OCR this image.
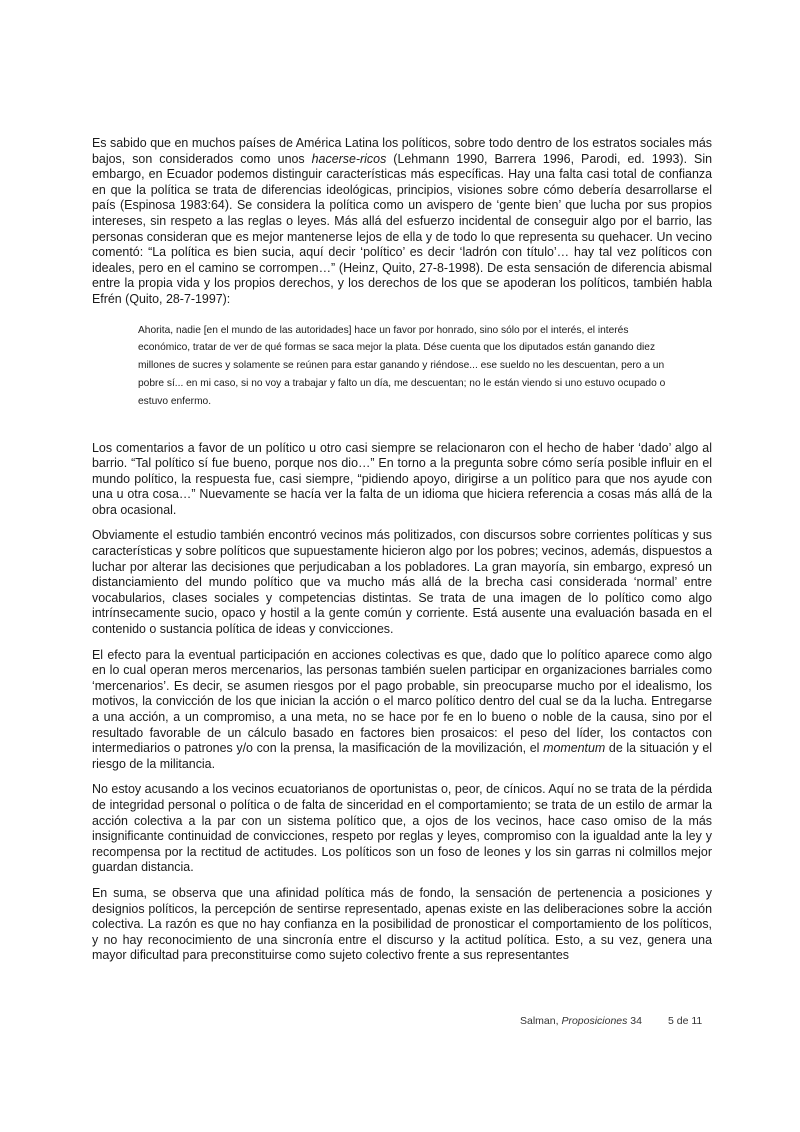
Es sabido que en muchos países de América Latina los políticos, sobre todo dentro de los estratos sociales más bajos, son considerados como unos hacerse-ricos (Lehmann 1990, Barrera 1996, Parodi, ed. 1993). Sin embargo, en Ecuador podemos distinguir características más específicas. Hay una falta casi total de confianza en que la política se trata de diferencias ideológicas, principios, visiones sobre cómo debería desarrollarse el país (Espinosa 1983:64). Se considera la política como un avispero de ‘gente bien’ que lucha por sus propios intereses, sin respeto a las reglas o leyes. Más allá del esfuerzo incidental de conseguir algo por el barrio, las personas consideran que es mejor mantenerse lejos de ella y de todo lo que representa su quehacer. Un vecino comentó: “La política es bien sucia, aquí decir ‘político’ es decir ‘ladrón con título’… hay tal vez políticos con ideales, pero en el camino se corrompen…” (Heinz, Quito, 27-8-1998). De esta sensación de diferencia abismal entre la propia vida y los propios derechos, y los derechos de los que se apoderan los políticos, también habla Efrén (Quito, 28-7-1997):

Ahorita, nadie [en el mundo de las autoridades] hace un favor por honrado, sino sólo por el interés, el interés económico, tratar de ver de qué formas se saca mejor la plata. Dése cuenta que los diputados están ganando diez millones de sucres y solamente se reúnen para estar ganando y riéndose... ese sueldo no les descuentan, pero a un pobre sí... en mi caso, si no voy a trabajar y falto un día, me descuentan; no le están viendo si uno estuvo ocupado o estuvo enfermo.

Los comentarios a favor de un político u otro casi siempre se relacionaron con el hecho de haber ‘dado’ algo al barrio. “Tal político sí fue bueno, porque nos dio…” En torno a la pregunta sobre cómo sería posible influir en el mundo político, la respuesta fue, casi siempre, “pidiendo apoyo, dirigirse a un político para que nos ayude con una u otra cosa…” Nuevamente se hacía ver la falta de un idioma que hiciera referencia a cosas más allá de la obra ocasional.

Obviamente el estudio también encontró vecinos más politizados, con discursos sobre corrientes políticas y sus características y sobre políticos que supuestamente hicieron algo por los pobres; vecinos, además, dispuestos a luchar por alterar las decisiones que perjudicaban a los pobladores. La gran mayoría, sin embargo, expresó un distanciamiento del mundo político que va mucho más allá de la brecha casi considerada ‘normal’ entre vocabularios, clases sociales y competencias distintas. Se trata de una imagen de lo político como algo intrínsecamente sucio, opaco y hostil a la gente común y corriente. Está ausente una evaluación basada en el contenido o sustancia política de ideas y convicciones.

El efecto para la eventual participación en acciones colectivas es que, dado que lo político aparece como algo en lo cual operan meros mercenarios, las personas también suelen participar en organizaciones barriales como ‘mercenarios’. Es decir, se asumen riesgos por el pago probable, sin preocuparse mucho por el idealismo, los motivos, la convicción de los que inician la acción o el marco político dentro del cual se da la lucha. Entregarse a una acción, a un compromiso, a una meta, no se hace por fe en lo bueno o noble de la causa, sino por el resultado favorable de un cálculo basado en factores bien prosaicos: el peso del líder, los contactos con intermediarios o patrones y/o con la prensa, la masificación de la movilización, el momentum de la situación y el riesgo de la militancia.

No estoy acusando a los vecinos ecuatorianos de oportunistas o, peor, de cínicos. Aquí no se trata de la pérdida de integridad personal o política o de falta de sinceridad en el comportamiento; se trata de un estilo de armar la acción colectiva a la par con un sistema político que, a ojos de los vecinos, hace caso omiso de la más insignificante continuidad de convicciones, respeto por reglas y leyes, compromiso con la igualdad ante la ley y recompensa por la rectitud de actitudes. Los políticos son un foso de leones y los sin garras ni colmillos mejor guardan distancia.

En suma, se observa que una afinidad política más de fondo, la sensación de pertenencia a posiciones y designios políticos, la percepción de sentirse representado, apenas existe en las deliberaciones sobre la acción colectiva. La razón es que no hay confianza en la posibilidad de pronosticar el comportamiento de los políticos, y no hay reconocimiento de una sincronía entre el discurso y la actitud política. Esto, a su vez, genera una mayor dificultad para preconstituirse como sujeto colectivo frente a sus representantes

Salman, Proposiciones 34 5 de 11
